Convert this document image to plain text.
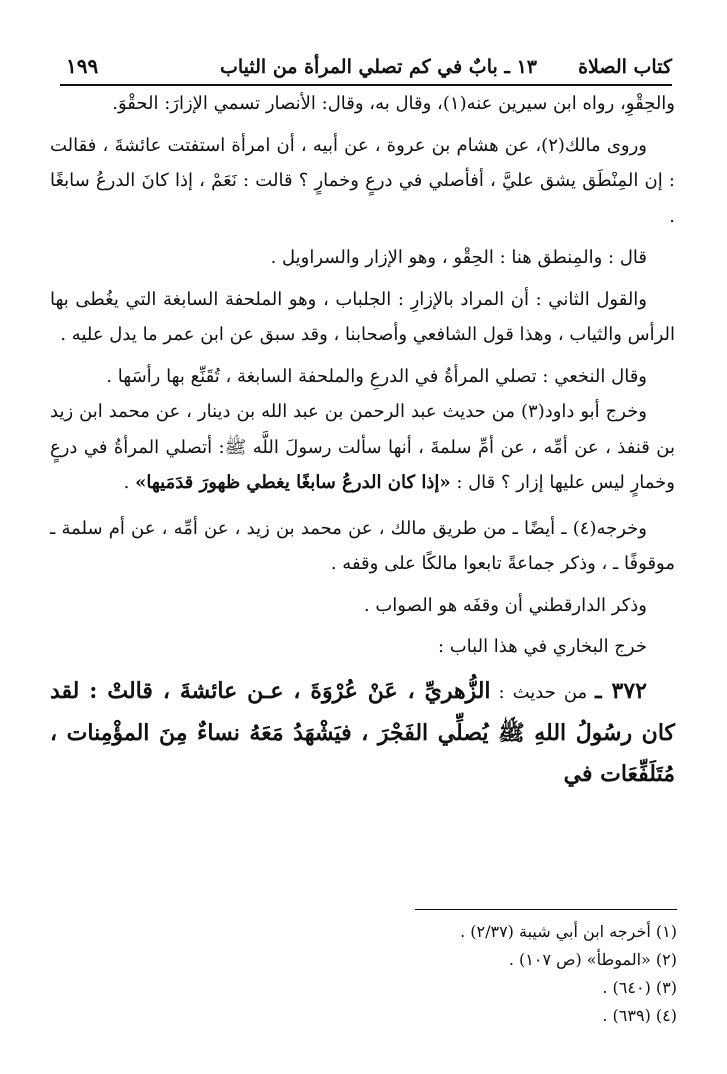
كتاب الصلاة
١٣ ـ بابٌ في كم تصلي المرأة من الثياب
١٩٩

والحِقْوِ، رواه ابن سيرين عنه(١)، وقال به، وقال: الأنصار تسمي الإزارَ: الحقْوَ.

وروى مالك(٢)، عن هشام بن عروة ، عن أبيه ، أن امرأة استفتت عائشةَ ، فقالت : إن المِنْطَق يشق عليَّ ، أفأصلي في درعٍ وخمارٍ ؟ قالت : نَعَمْ ، إذا كانَ الدرعُ سابغًا .

قال : والمِنطق هنا : الحِقْو ، وهو الإزار والسراويل .

والقول الثاني : أن المراد بالإزارِ : الجلباب ، وهو الملحفة السابغة التي يغُطى بها الرأس والثياب ، وهذا قول الشافعي وأصحابنا ، وقد سبق عن ابن عمر ما يدل عليه .

وقال النخعي : تصلي المرأةُ في الدرعِ والملحفة السابغة ، تُقَنِّع بها رأسَها .

وخرج أبو داود(٣) من حديث عبد الرحمن بن عبد الله بن دينار ، عن محمد ابن زيد بن قنفذ ، عن أمِّه ، عن أمِّ سلمةَ ، أنها سألت رسولَ اللَّه ﷺ: أتصلي المرأةُ في درعٍ وخمارٍ ليس عليها إزار ؟ قال : «إذا كان الدرعُ سابغًا يغطي ظهورَ قدَمَيها» .

وخرجه(٤) ـ أيضًا ـ من طريق مالك ، عن محمد بن زيد ، عن أمِّه ، عن أم سلمة ـ موقوفًا ـ ، وذكر جماعةً تابعوا مالكًا على وقفه .

وذكر الدارقطني أن وقفَه هو الصواب .

خرج البخاري في هذا الباب :

٣٧٢ ـ من حديث : الزُّهريِّ ، عَنْ عُرْوَةَ ، عـن عائشةَ ، قالتْ : لقد كان رسُولُ اللهِ ﷺ يُصلِّي الفَجْرَ ، فيَشْهَدُ مَعَهُ نساءٌ مِنَ المؤْمِنات ، مُتَلَفِّعَات في

(١) أخرجه ابن أبي شيبة (٢/٣٧) .

(٢) «الموطأ» (ص ١٠٧) .

(٣) (٦٤٠) .

(٤) (٦٣٩) .
